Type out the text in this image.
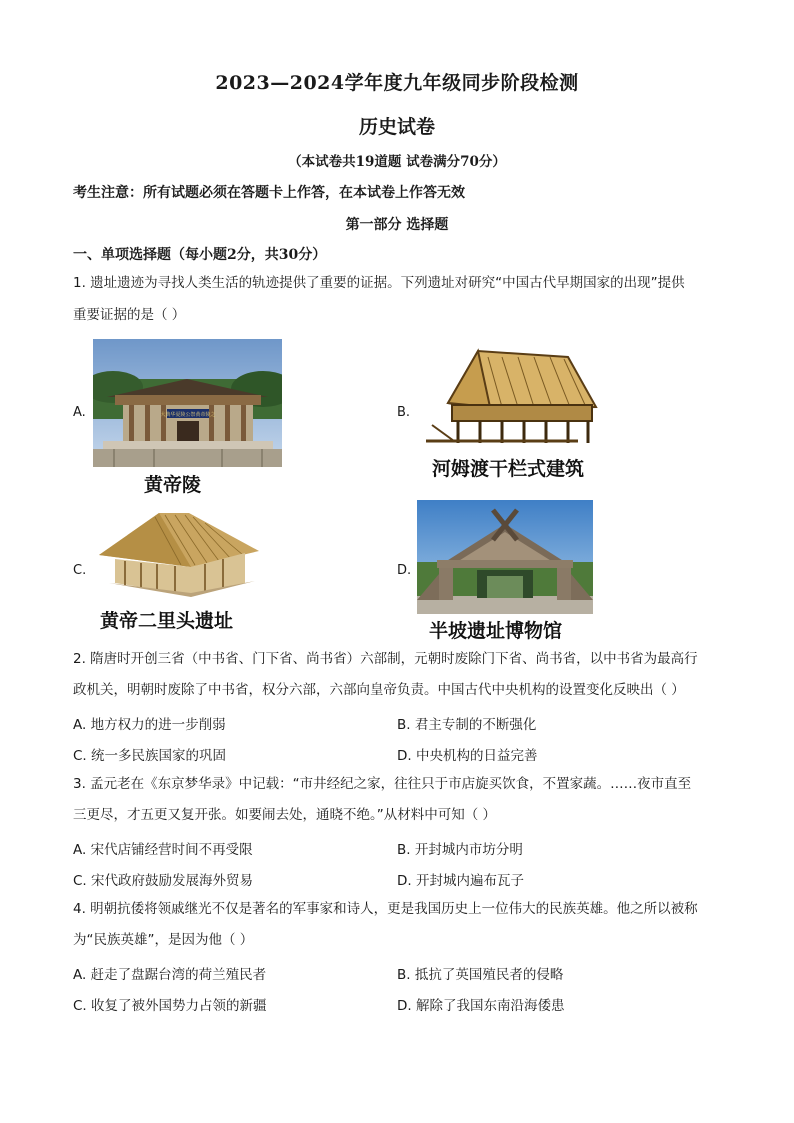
2023—2024学年度九年级同步阶段检测
历史试卷
（本试卷共19道题 试卷满分70分）
考生注意：所有试题必须在答题卡上作答，在本试卷上作答无效
第一部分 选择题
一、单项选择题（每小题2分，共30分）
1. 遗址遗迹为寻找人类生活的轨迹提供了重要的证据。下列遗址对研究“中国古代早期国家的出现”提供
重要证据的是（ ）
A.	大典华夏陵公祭黄帝陵之
黄帝陵
B.
河姆渡干栏式建筑
C.
黄帝二里头遗址
D.
半坡遗址博物馆
2. 隋唐时开创三省（中书省、门下省、尚书省）六部制，元朝时废除门下省、尚书省，以中书省为最高行
政机关，明朝时废除了中书省，权分六部，六部向皇帝负责。中国古代中央机构的设置变化反映出（ ）
A. 地方权力的进一步削弱	B. 君主专制的不断强化
C. 统一多民族国家的巩固	D. 中央机构的日益完善
3. 孟元老在《东京梦华录》中记载：“市井经纪之家，往往只于市店旋买饮食，不置家蔬。……夜市直至
三更尽，才五更又复开张。如要闹去处，通晓不绝。”从材料中可知（ ）
A. 宋代店铺经营时间不再受限	B. 开封城内市坊分明
C. 宋代政府鼓励发展海外贸易	D. 开封城内遍布瓦子
4. 明朝抗倭将领戚继光不仅是著名的军事家和诗人，更是我国历史上一位伟大的民族英雄。他之所以被称
为“民族英雄”，是因为他（ ）
A. 赶走了盘踞台湾的荷兰殖民者	B. 抵抗了英国殖民者的侵略
C. 收复了被外国势力占领的新疆	D. 解除了我国东南沿海倭患
